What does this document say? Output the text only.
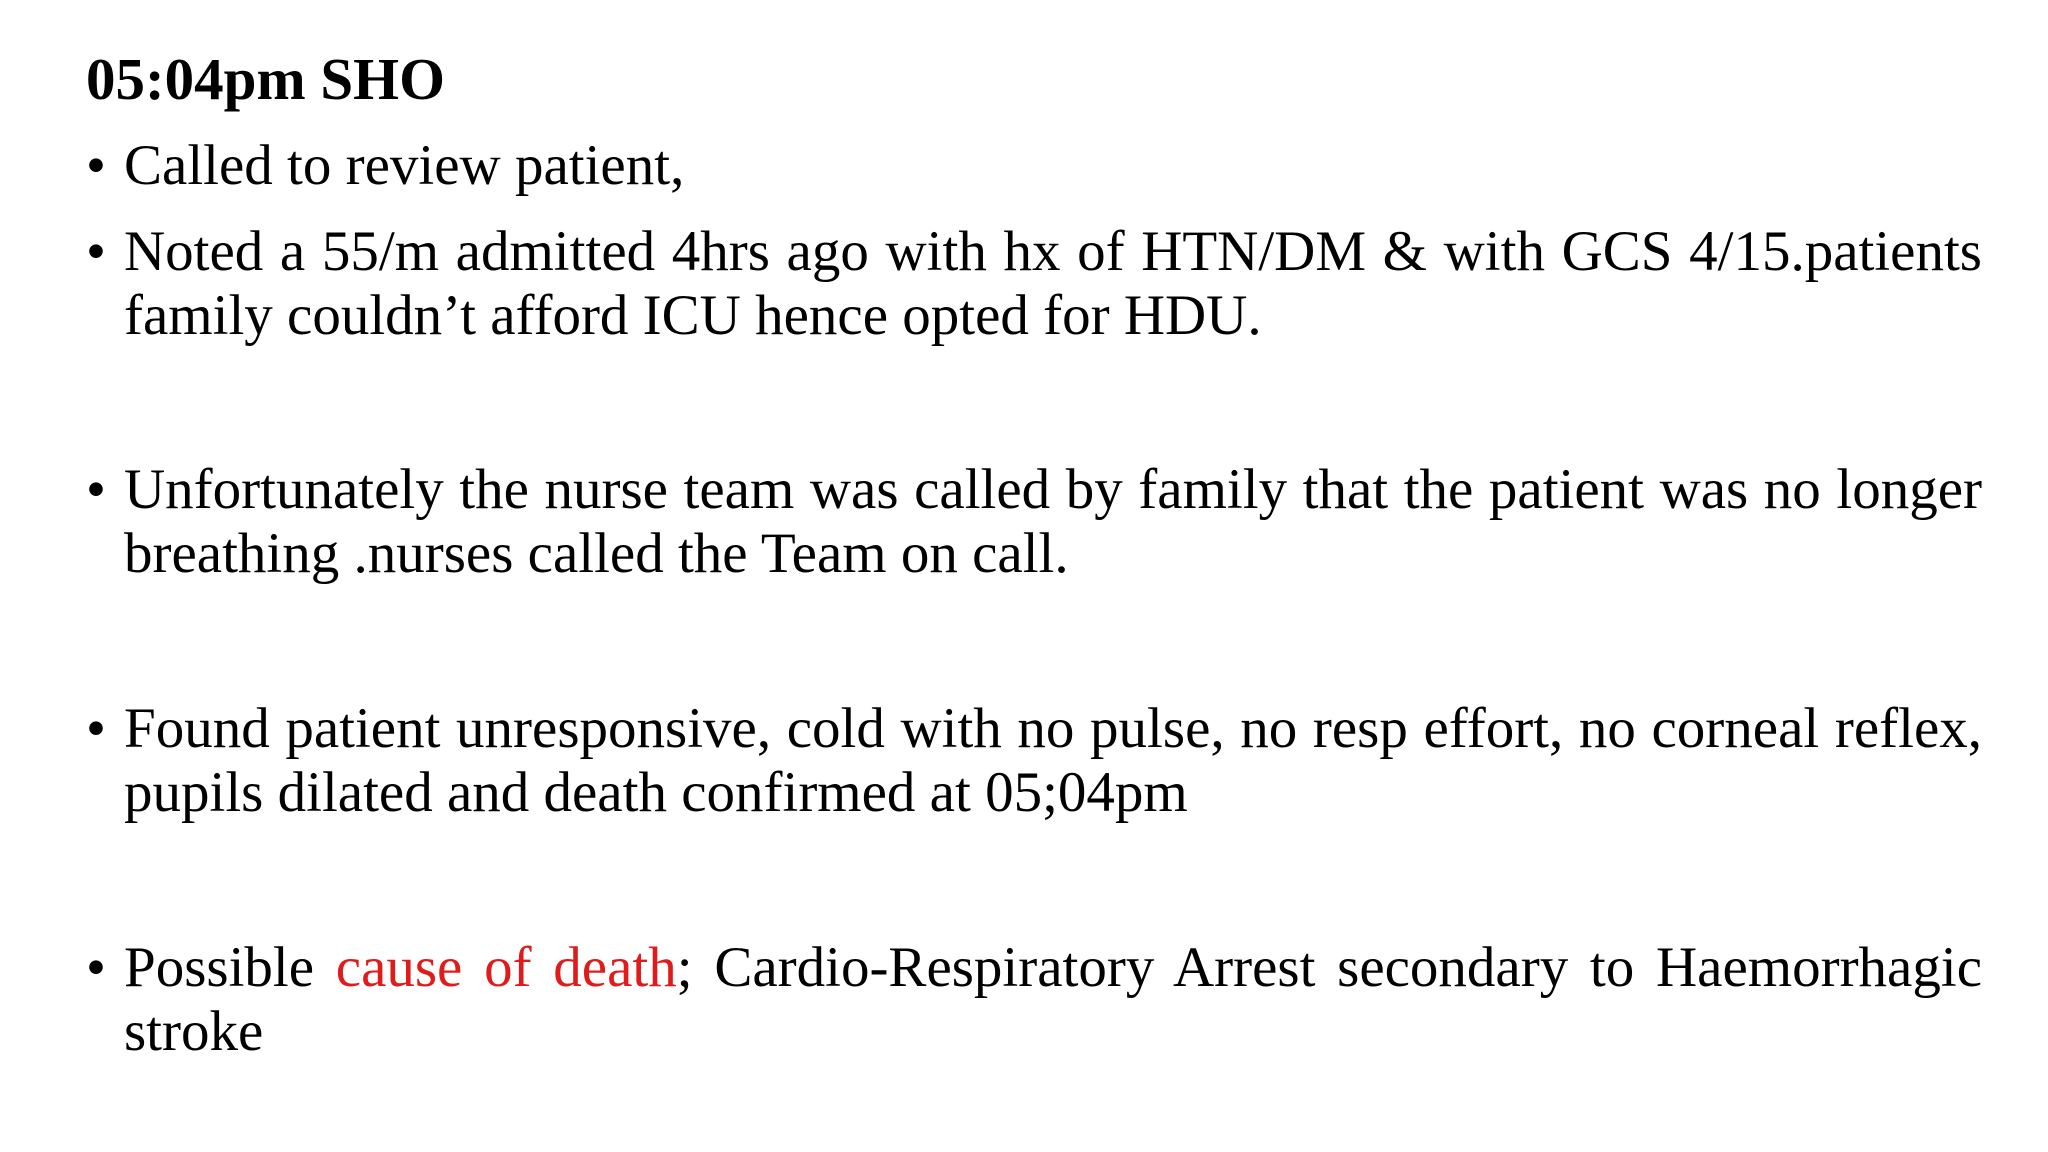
05:04pm SHO
• Called to review patient,
• Noted a 55/m admitted 4hrs ago with hx of HTN/DM & with GCS 4/15.patients family couldn’t afford ICU hence opted for HDU.
• Unfortunately the nurse team was called by family that the patient was no longer breathing .nurses called the Team on call.
• Found patient unresponsive, cold with no pulse, no resp effort, no corneal reflex, pupils dilated and death confirmed at 05;04pm
• Possible cause of death; Cardio-Respiratory Arrest secondary to Haemorrhagic stroke
